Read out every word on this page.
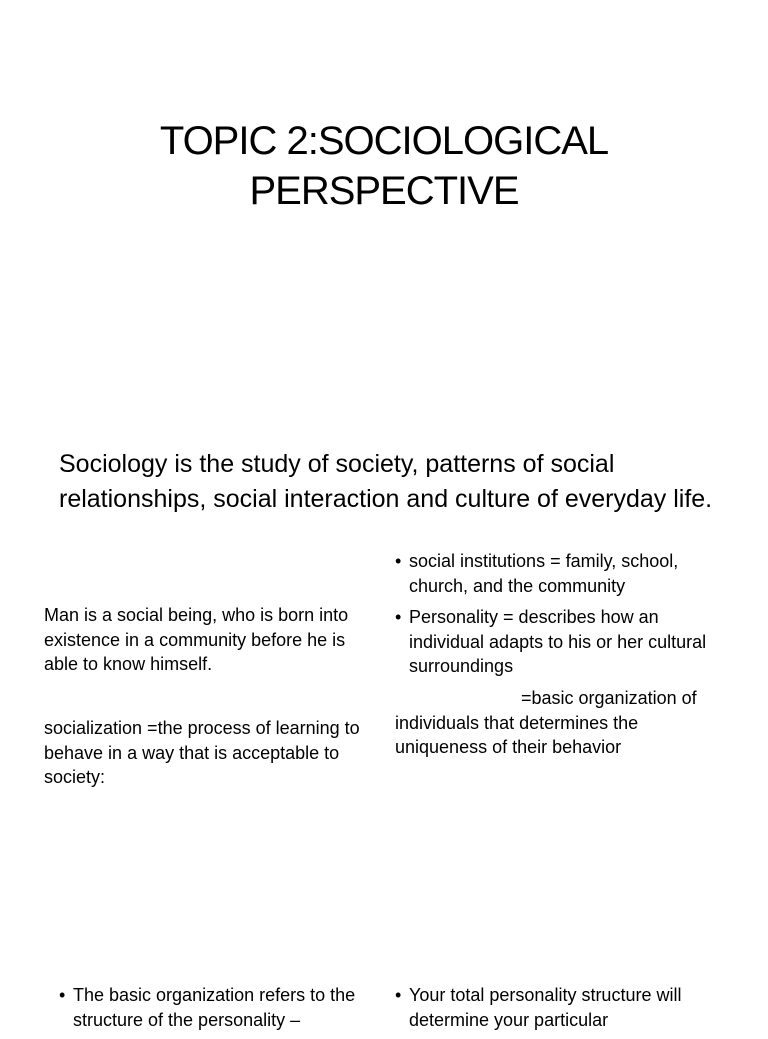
TOPIC 2:SOCIOLOGICAL
PERSPECTIVE

Sociology is the study of society, patterns of social relationships, social interaction and culture of everyday life.

Man is a social being, who is born into existence in a community before he is able to know himself.

socialization =the process of learning to behave in a way that is acceptable to society:

• social institutions = family, school, church, and the community
• Personality = describes how an individual adapts to his or her cultural surroundings

=basic organization of individuals that determines the uniqueness of their behavior

• The basic organization refers to the structure of the personality –
• Your total personality structure will determine your particular
